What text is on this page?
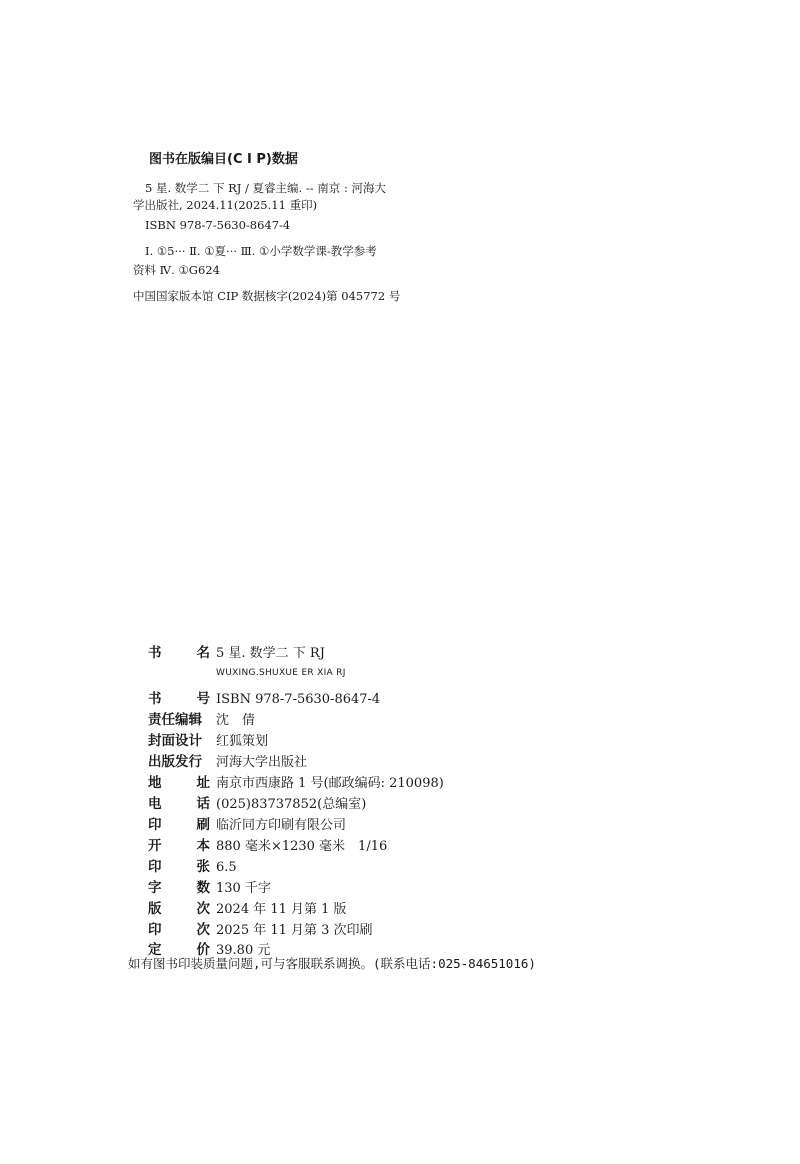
图书在版编目(C I P)数据
5 星. 数学二 下 RJ / 夏睿主编. -- 南京 : 河海大
学出版社, 2024.11(2025.11 重印)
ISBN 978-7-5630-8647-4
Ⅰ. ①5··· Ⅱ. ①夏··· Ⅲ. ①小学数学课-教学参考
资料 Ⅳ. ①G624
中国国家版本馆 CIP 数据核字(2024)第 045772 号
书	名 5 星. 数学二 下 RJ
WUXING.SHUXUE ER XIA RJ
书	号 ISBN 978-7-5630-8647-4
责任编辑 沈　倩
封面设计 红狐策划
出版发行 河海大学出版社
地	址 南京市西康路 1 号(邮政编码: 210098)
电	话 (025)83737852(总编室)
印	刷 临沂同方印刷有限公司
开	本 880 毫米×1230 毫米　1/16
印	张 6.5
字	数 130 千字
版	次 2024 年 11 月第 1 版
印	次 2025 年 11 月第 3 次印刷
定	价 39.80 元
如有图书印装质量问题,可与客服联系调换。(联系电话:025-84651016)
